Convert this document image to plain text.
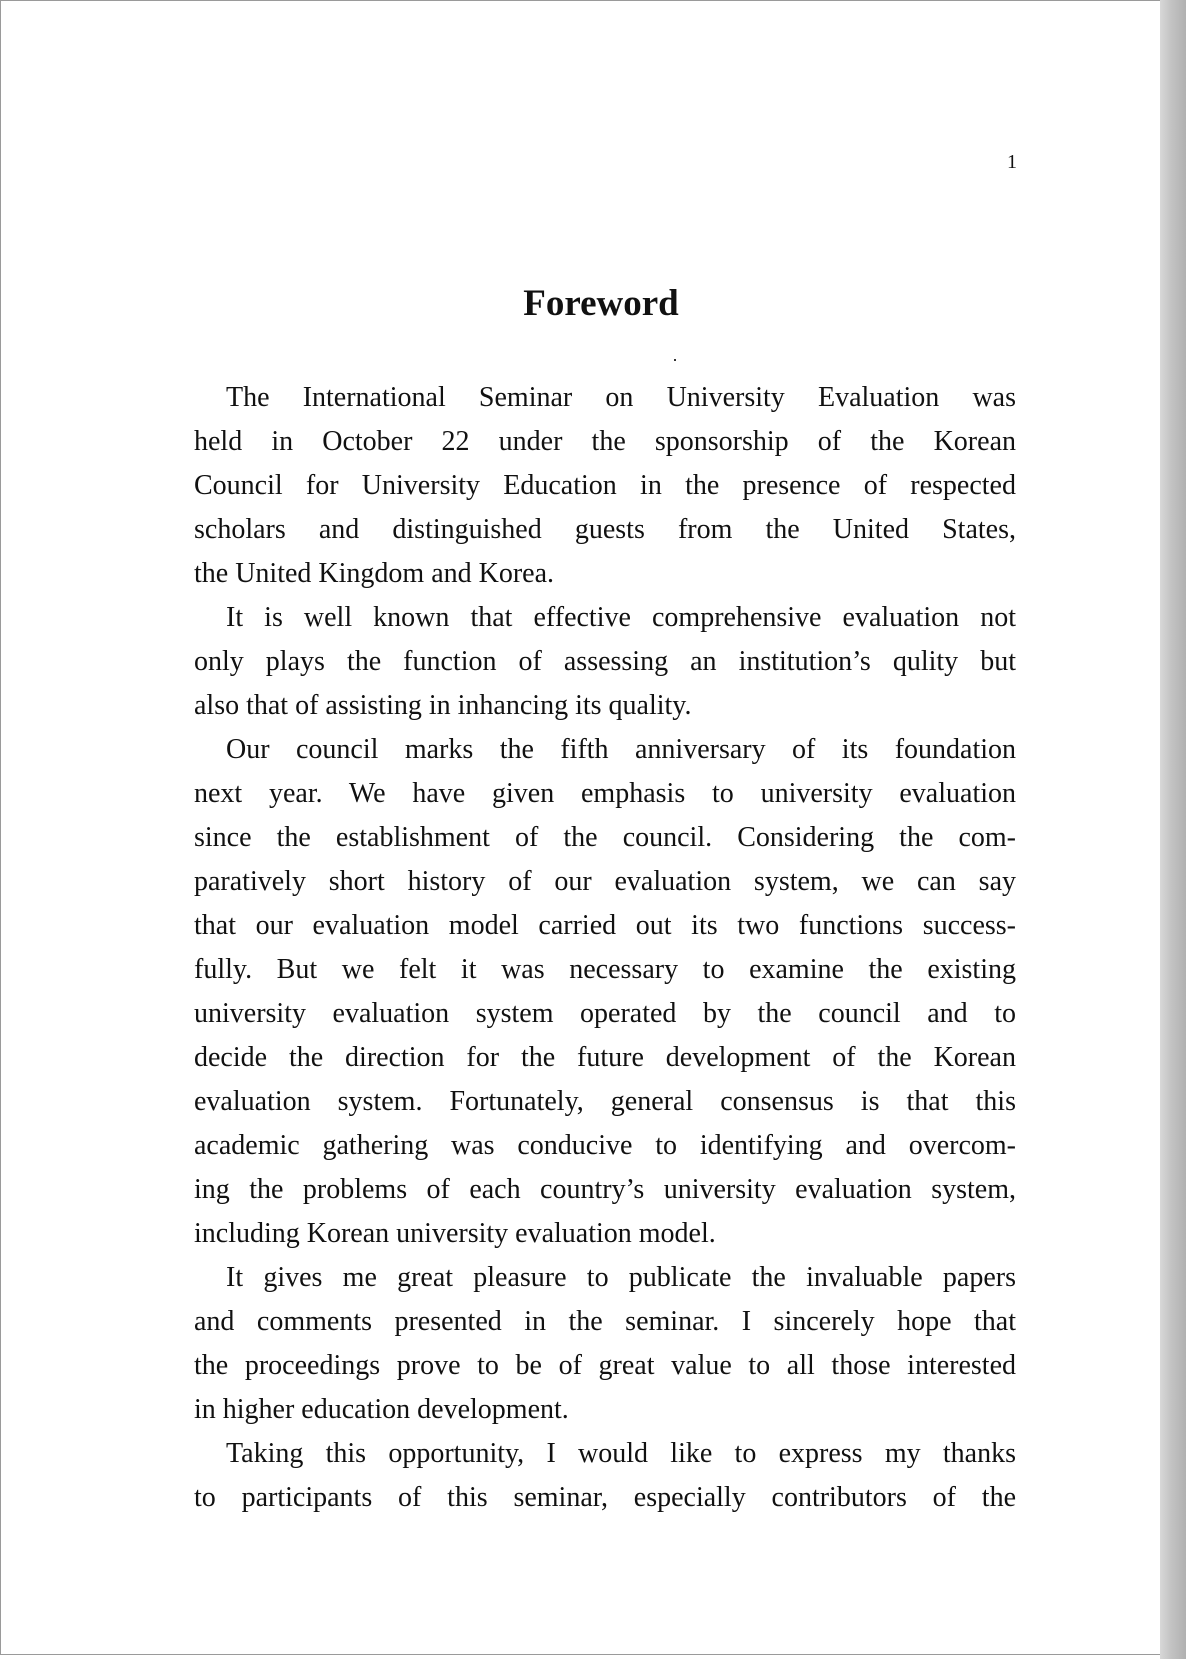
1
Foreword

The International Seminar on University Evaluation was
held in October 22 under the sponsorship of the Korean
Council for University Education in the presence of respected
scholars and distinguished guests from the United States,
the United Kingdom and Korea.

It is well known that effective comprehensive evaluation not
only plays the function of assessing an institution’s qulity but
also that of assisting in inhancing its quality.

Our council marks the fifth anniversary of its foundation
next year. We have given emphasis to university evaluation
since the establishment of the council. Considering the com-
paratively short history of our evaluation system, we can say
that our evaluation model carried out its two functions success-
fully. But we felt it was necessary to examine the existing
university evaluation system operated by the council and to
decide the direction for the future development of the Korean
evaluation system. Fortunately, general consensus is that this
academic gathering was conducive to identifying and overcom-
ing the problems of each country’s university evaluation system,
including Korean university evaluation model.

It gives me great pleasure to publicate the invaluable papers
and comments presented in the seminar. I sincerely hope that
the proceedings prove to be of great value to all those interested
in higher education development.

Taking this opportunity, I would like to express my thanks
to participants of this seminar, especially contributors of the
